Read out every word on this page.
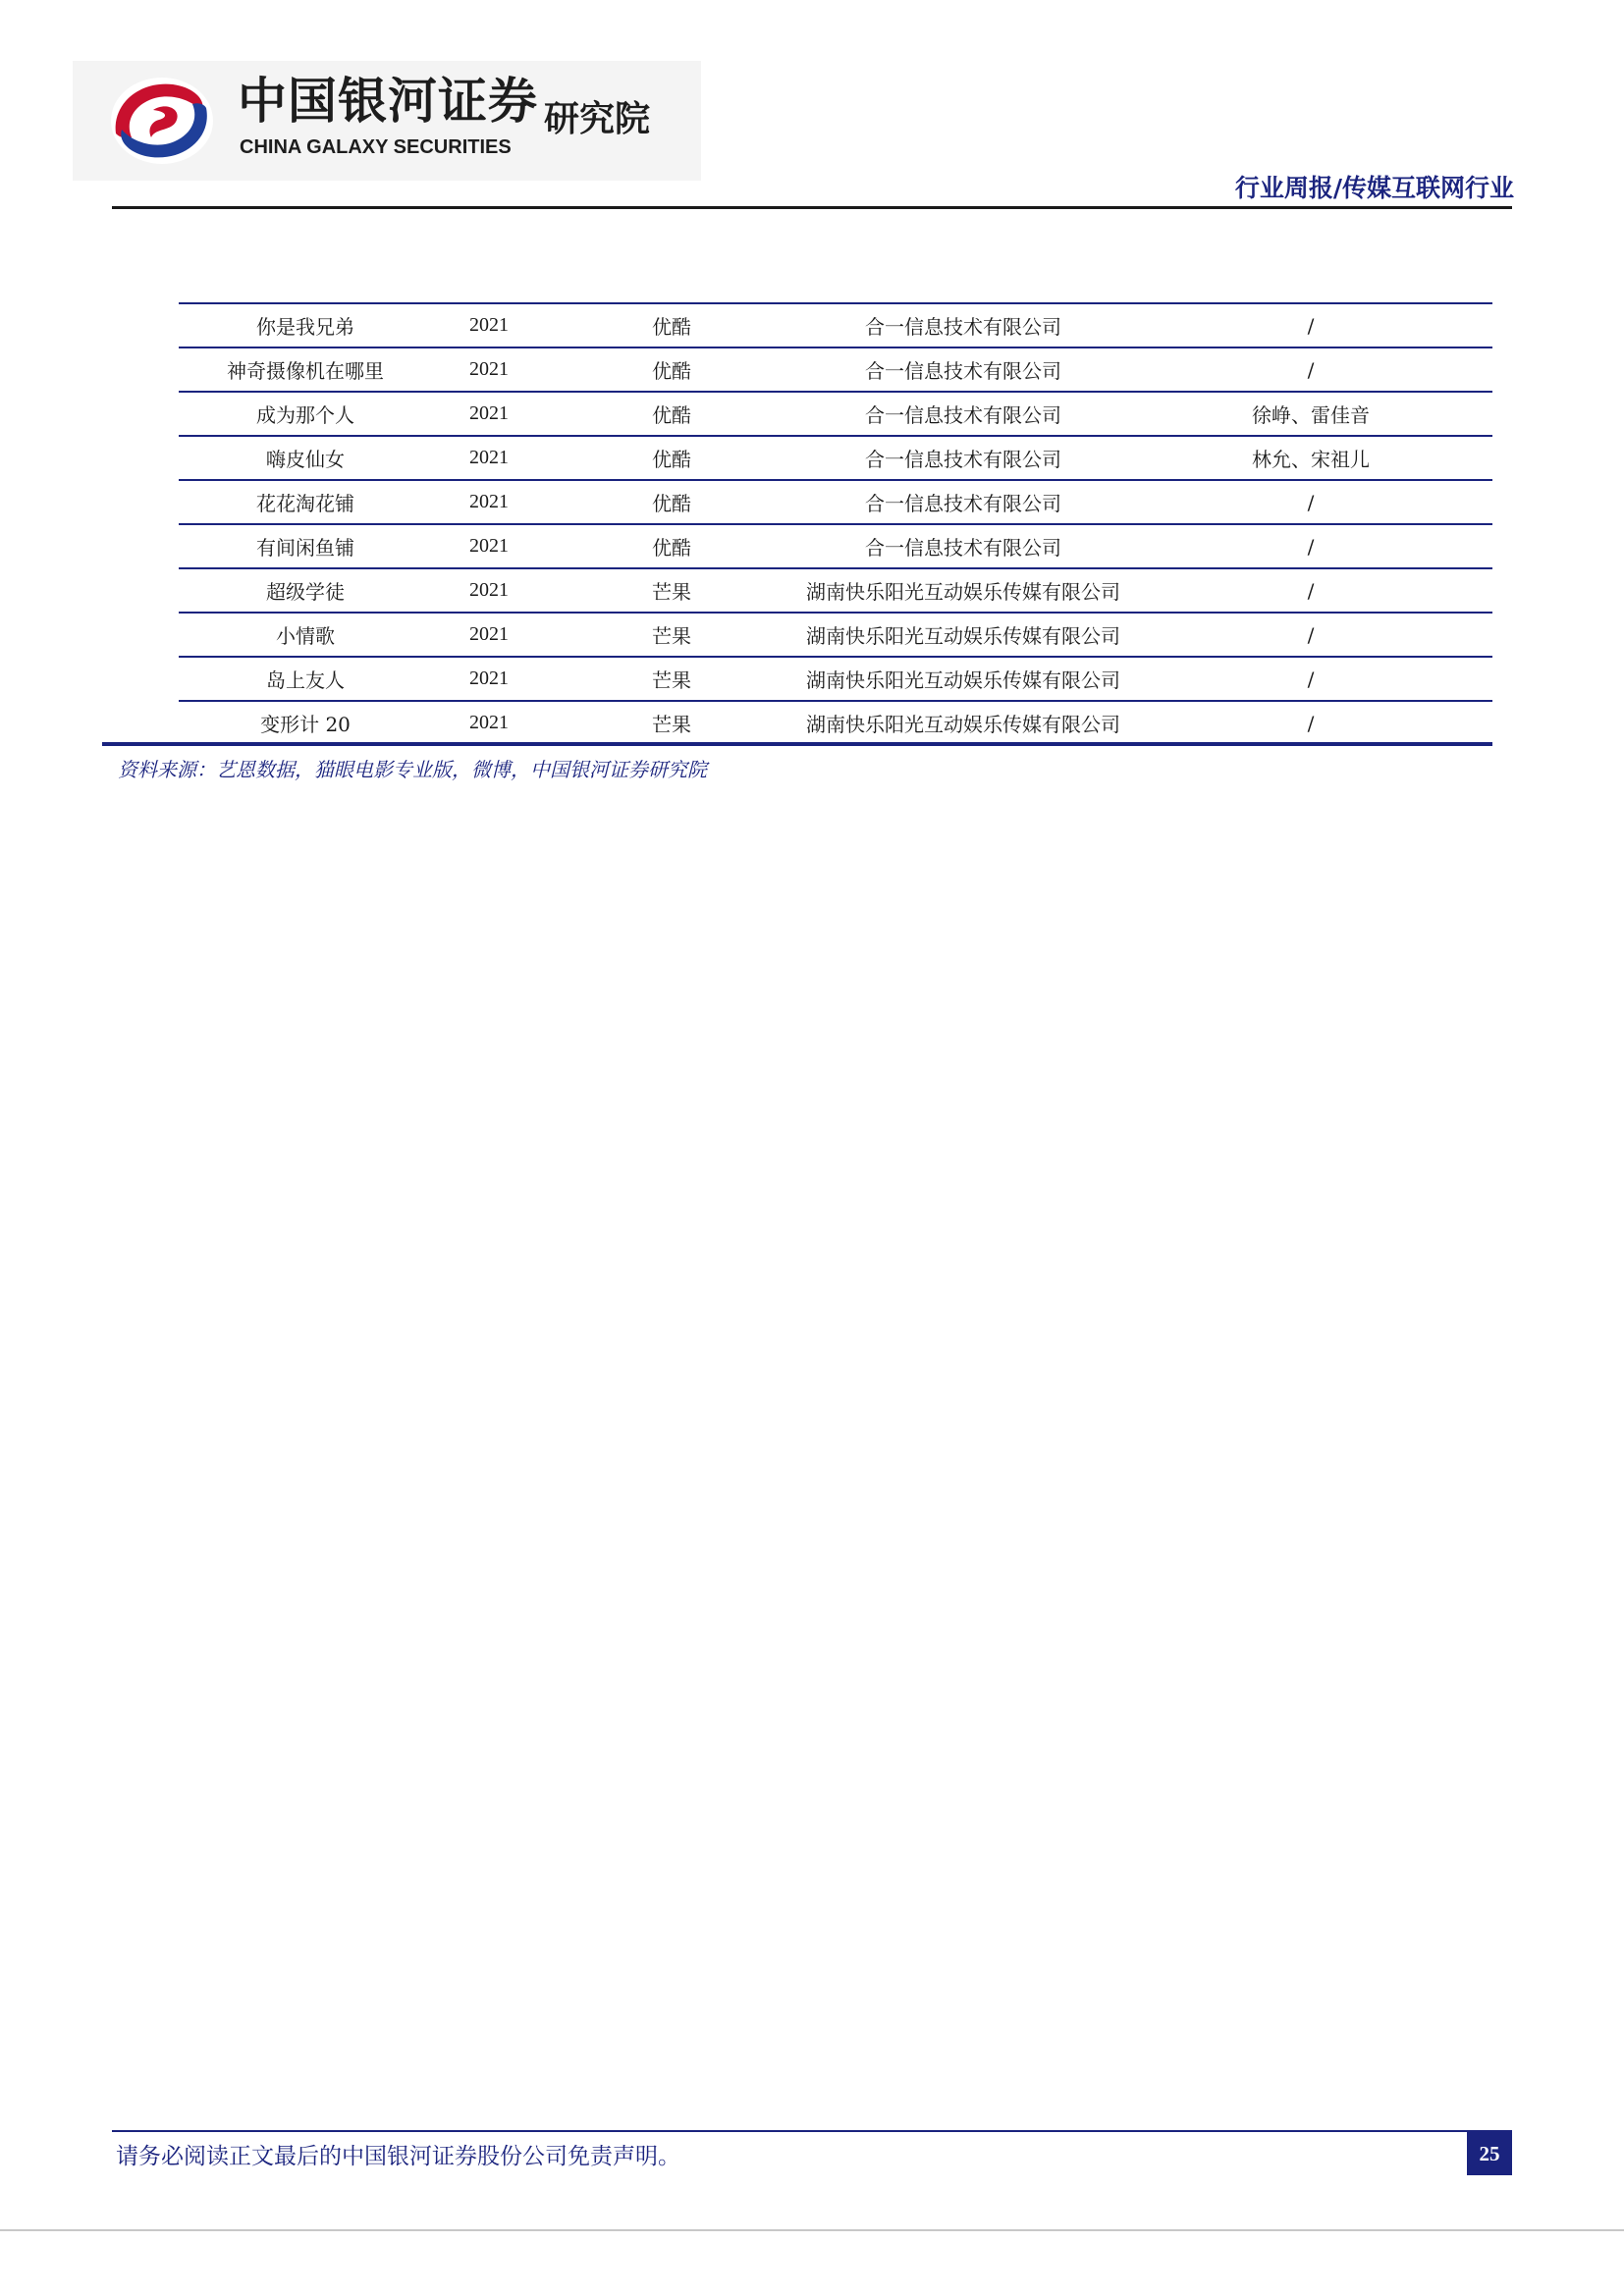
中国银河证券
CHINA GALAXY SECURITIES
研究院
行业周报/传媒互联网行业
你是我兄弟	2021	优酷	合一信息技术有限公司	/
神奇摄像机在哪里	2021	优酷	合一信息技术有限公司	/
成为那个人	2021	优酷	合一信息技术有限公司	徐峥、雷佳音
嗨皮仙女	2021	优酷	合一信息技术有限公司	林允、宋祖儿
花花淘花铺	2021	优酷	合一信息技术有限公司	/
有间闲鱼铺	2021	优酷	合一信息技术有限公司	/
超级学徒	2021	芒果	湖南快乐阳光互动娱乐传媒有限公司	/
小情歌	2021	芒果	湖南快乐阳光互动娱乐传媒有限公司	/
岛上友人	2021	芒果	湖南快乐阳光互动娱乐传媒有限公司	/
变形计 20	2021	芒果	湖南快乐阳光互动娱乐传媒有限公司	/
资料来源：艺恩数据，猫眼电影专业版，微博，中国银河证券研究院
请务必阅读正文最后的中国银河证券股份公司免责声明。	25
